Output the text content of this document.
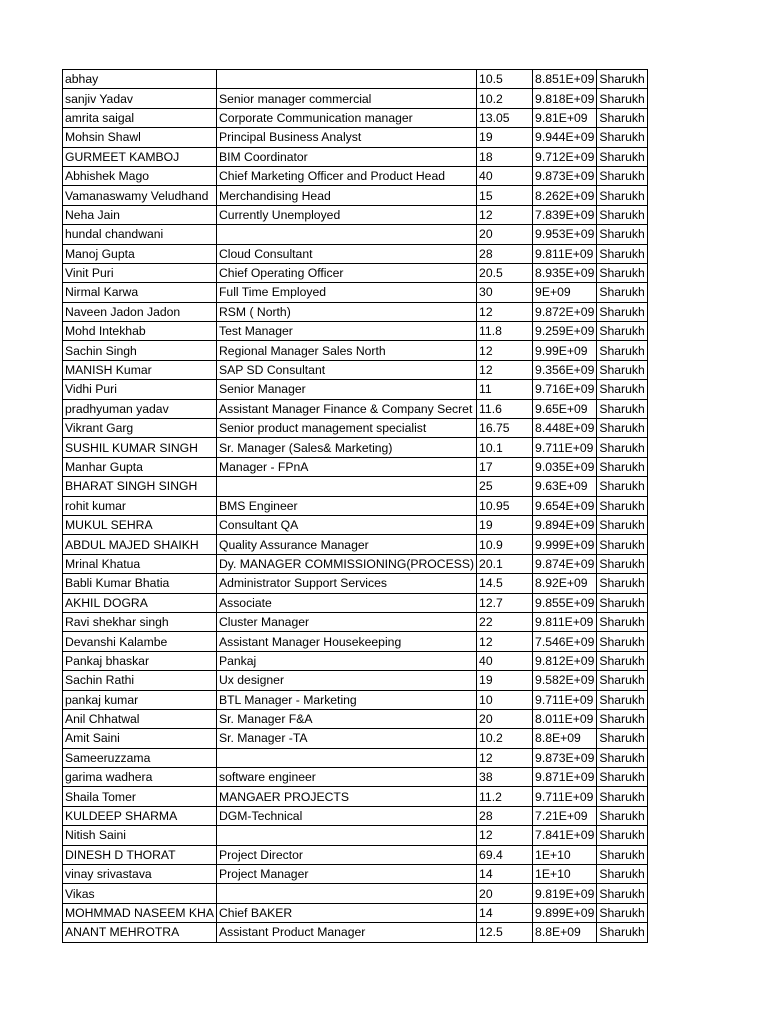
abhay		10.5	8.851E+09	Sharukh
sanjiv Yadav	Senior manager commercial	10.2	9.818E+09	Sharukh
amrita saigal	Corporate Communication manager	13.05	9.81E+09	Sharukh
Mohsin Shawl	Principal Business Analyst	19	9.944E+09	Sharukh
GURMEET KAMBOJ	BIM Coordinator	18	9.712E+09	Sharukh
Abhishek Mago	Chief Marketing Officer and Product Head	40	9.873E+09	Sharukh
Vamanaswamy Veludhand	Merchandising Head	15	8.262E+09	Sharukh
Neha Jain	Currently Unemployed	12	7.839E+09	Sharukh
hundal chandwani		20	9.953E+09	Sharukh
Manoj Gupta	Cloud Consultant	28	9.811E+09	Sharukh
Vinit Puri	Chief Operating Officer	20.5	8.935E+09	Sharukh
Nirmal Karwa	Full Time Employed	30	9E+09	Sharukh
Naveen Jadon Jadon	RSM ( North)	12	9.872E+09	Sharukh
Mohd Intekhab	Test Manager	11.8	9.259E+09	Sharukh
Sachin Singh	Regional Manager Sales North	12	9.99E+09	Sharukh
MANISH Kumar	SAP SD Consultant	12	9.356E+09	Sharukh
Vidhi Puri	Senior Manager	11	9.716E+09	Sharukh
pradhyuman yadav	Assistant Manager Finance & Company Secret	11.6	9.65E+09	Sharukh
Vikrant Garg	Senior product management specialist	16.75	8.448E+09	Sharukh
SUSHIL KUMAR SINGH	Sr. Manager (Sales& Marketing)	10.1	9.711E+09	Sharukh
Manhar Gupta	Manager - FPnA	17	9.035E+09	Sharukh
BHARAT SINGH SINGH		25	9.63E+09	Sharukh
rohit kumar	BMS Engineer	10.95	9.654E+09	Sharukh
MUKUL SEHRA	Consultant QA	19	9.894E+09	Sharukh
ABDUL MAJED SHAIKH	Quality Assurance Manager	10.9	9.999E+09	Sharukh
Mrinal Khatua	Dy. MANAGER COMMISSIONING(PROCESS)	20.1	9.874E+09	Sharukh
Babli Kumar Bhatia	Administrator Support Services	14.5	8.92E+09	Sharukh
AKHIL DOGRA	Associate	12.7	9.855E+09	Sharukh
Ravi shekhar singh	Cluster Manager	22	9.811E+09	Sharukh
Devanshi Kalambe	Assistant Manager Housekeeping	12	7.546E+09	Sharukh
Pankaj bhaskar	Pankaj	40	9.812E+09	Sharukh
Sachin Rathi	Ux designer	19	9.582E+09	Sharukh
pankaj kumar	BTL Manager - Marketing	10	9.711E+09	Sharukh
Anil Chhatwal	Sr. Manager F&A	20	8.011E+09	Sharukh
Amit Saini	Sr. Manager -TA	10.2	8.8E+09	Sharukh
Sameeruzzama		12	9.873E+09	Sharukh
garima wadhera	software engineer	38	9.871E+09	Sharukh
Shaila Tomer	MANGAER PROJECTS	11.2	9.711E+09	Sharukh
KULDEEP SHARMA	DGM-Technical	28	7.21E+09	Sharukh
Nitish Saini		12	7.841E+09	Sharukh
DINESH D THORAT	Project Director	69.4	1E+10	Sharukh
vinay srivastava	Project Manager	14	1E+10	Sharukh
Vikas		20	9.819E+09	Sharukh
MOHMMAD NASEEM KHA	Chief BAKER	14	9.899E+09	Sharukh
ANANT MEHROTRA	Assistant Product Manager	12.5	8.8E+09	Sharukh
